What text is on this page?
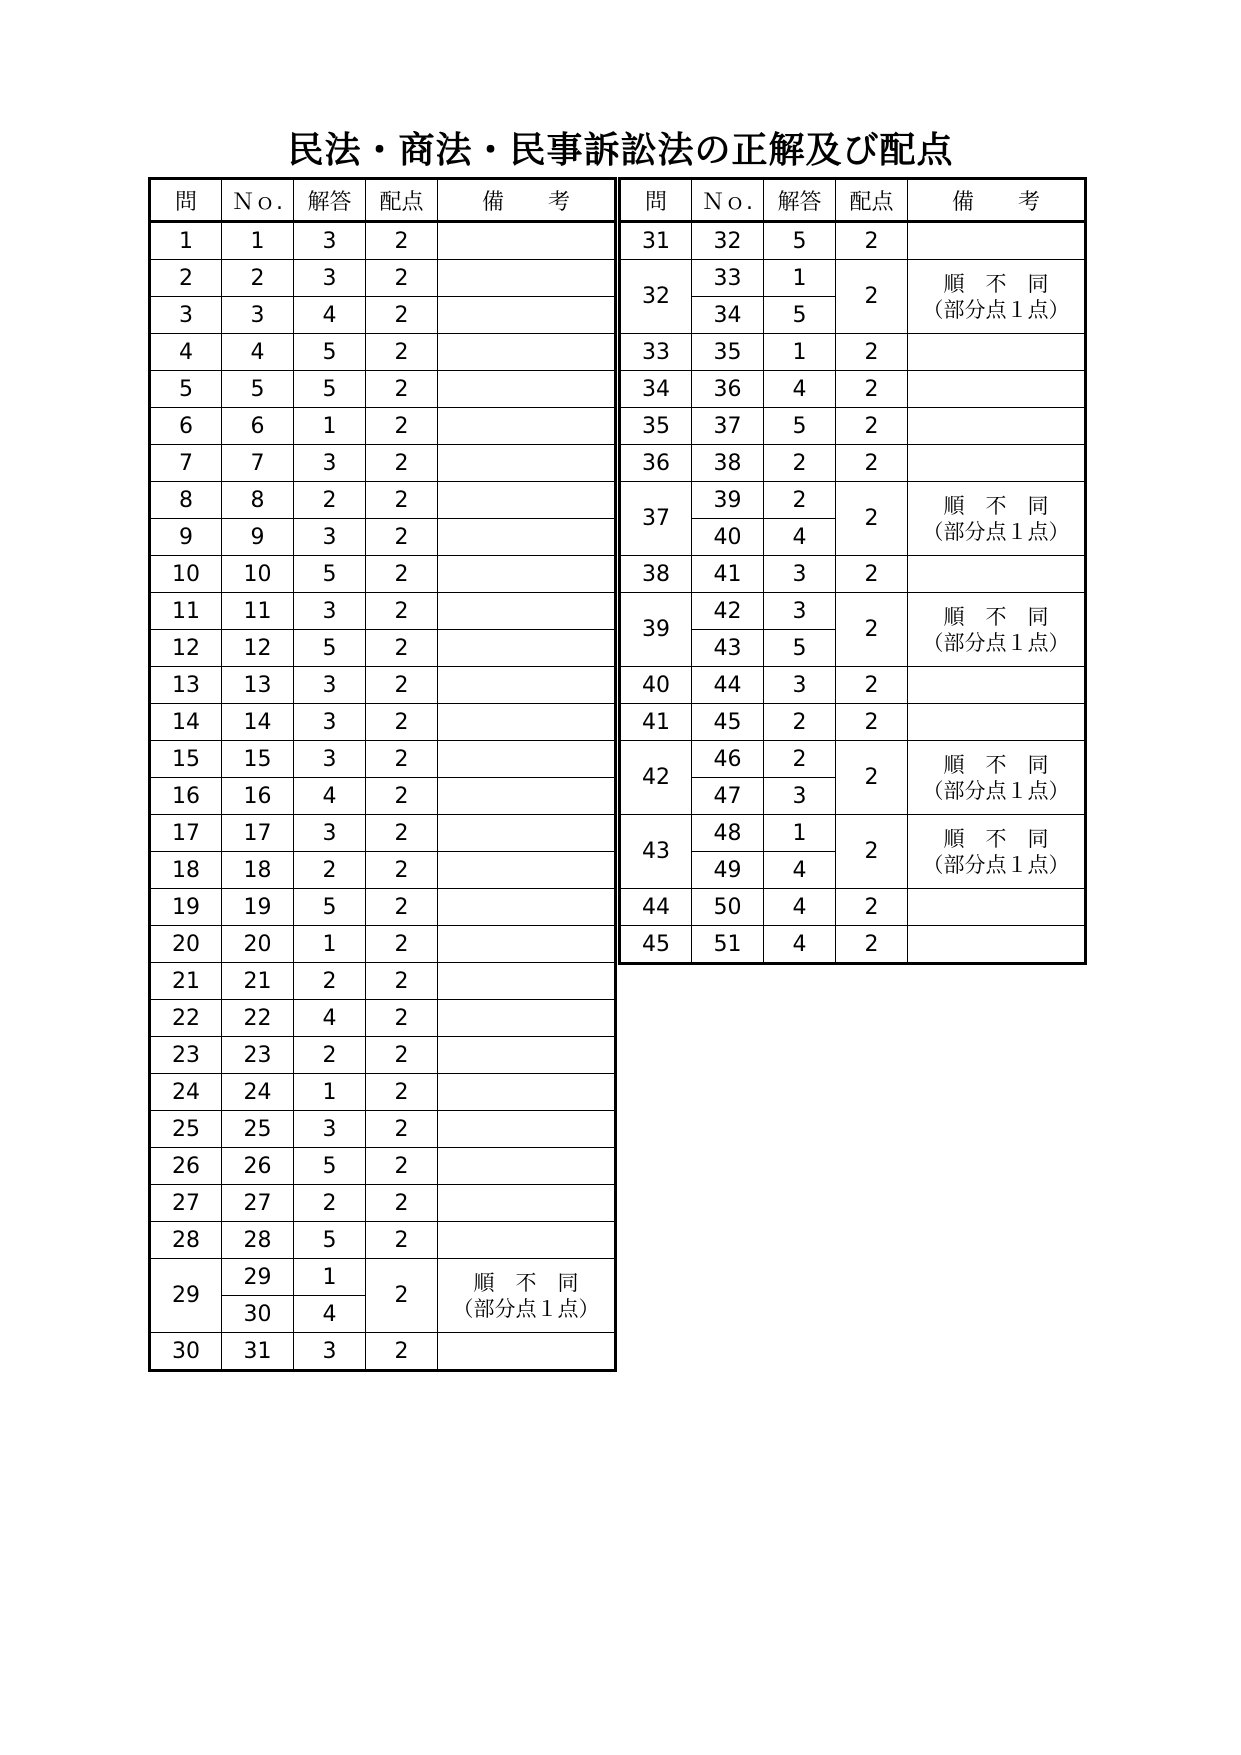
民法・商法・民事訴訟法の正解及び配点
問	Ｎｏ.	解答	配点	備　　考
1	1	3	2	
2	2	3	2	
3	3	4	2	
4	4	5	2	
5	5	5	2	
6	6	1	2	
7	7	3	2	
8	8	2	2	
9	9	3	2	
10	10	5	2	
11	11	3	2	
12	12	5	2	
13	13	3	2	
14	14	3	2	
15	15	3	2	
16	16	4	2	
17	17	3	2	
18	18	2	2	
19	19	5	2	
20	20	1	2	
21	21	2	2	
22	22	4	2	
23	23	2	2	
24	24	1	2	
25	25	3	2	
26	26	5	2	
27	27	2	2	
28	28	5	2	
29	29	1	2	順　不　同
（部分点１点）
	30	4		
30	31	3	2	
問	Ｎｏ.	解答	配点	備　　考
31	32	5	2	
32	33	1	2	順　不　同
（部分点１点）
	34	5		
33	35	1	2	
34	36	4	2	
35	37	5	2	
36	38	2	2	
37	39	2	2	順　不　同
（部分点１点）
	40	4		
38	41	3	2	
39	42	3	2	順　不　同
（部分点１点）
	43	5		
40	44	3	2	
41	45	2	2	
42	46	2	2	順　不　同
（部分点１点）
	47	3		
43	48	1	2	順　不　同
（部分点１点）
	49	4		
44	50	4	2	
45	51	4	2	
